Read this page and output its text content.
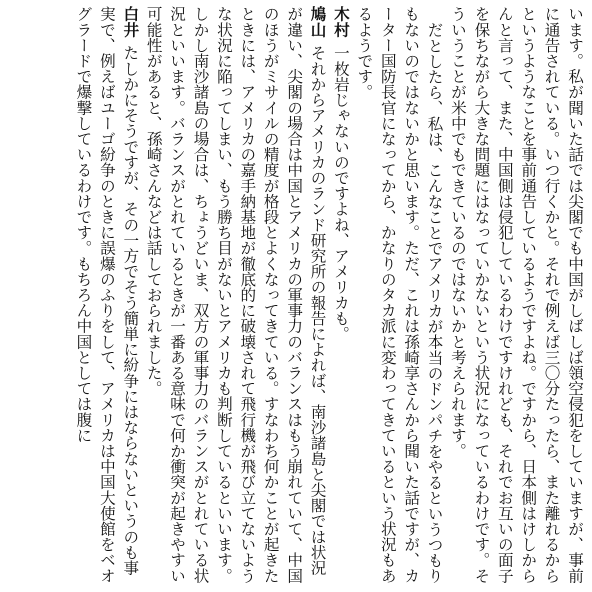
います。私が聞いた話では尖閣でも中国がしばしば領空侵犯をしていますが、事前に通告されている。いつ行くかと。それで例えば三〇分たったら、また離れるからというようなことを事前通告しているようですよね。ですから、日本側はけしからんと言って、また、中国側は侵犯しているわけですけれども、それでお互いの面子を保ちながら大きな問題にはなっていかないという状況になっているわけです。そういうことが米中でもできているのではないかと考えられます。

だとしたら、私は、こんなことでアメリカが本当のドンパチをやるというつもりもないのではないかと思います。ただ、これは孫崎享さんから聞いた話ですが、カーター国防長官になってから、かなりのタカ派に変わってきているという状況もあるようです。

木村一枚岩じゃないのですよね、アメリカも。

鳩山それからアメリカのランド研究所の報告によれば、南沙諸島と尖閣では状況が違い、尖閣の場合は中国とアメリカの軍事力のバランスはもう崩れていて、中国のほうがミサイルの精度が格段とよくなってきている。すなわち何かことが起きたときには、アメリカの嘉手納基地が徹底的に破壊されて飛行機が飛び立てないような状況に陥ってしまい、もう勝ち目がないとアメリカも判断しているといいます。しかし南沙諸島の場合は、ちょうどいま、双方の軍事力のバランスがとれている状況といいます。バランスがとれているときが一番ある意味で何か衝突が起きやすい可能性があると、孫崎さんなどは話しておられました。

白井たしかにそうですが、その一方でそう簡単に紛争にはならないというのも事実で、例えばユーゴ紛争のときに誤爆のふりをして、アメリカは中国大使館をベオグラードで爆撃しているわけです。もちろん中国としては腹に
